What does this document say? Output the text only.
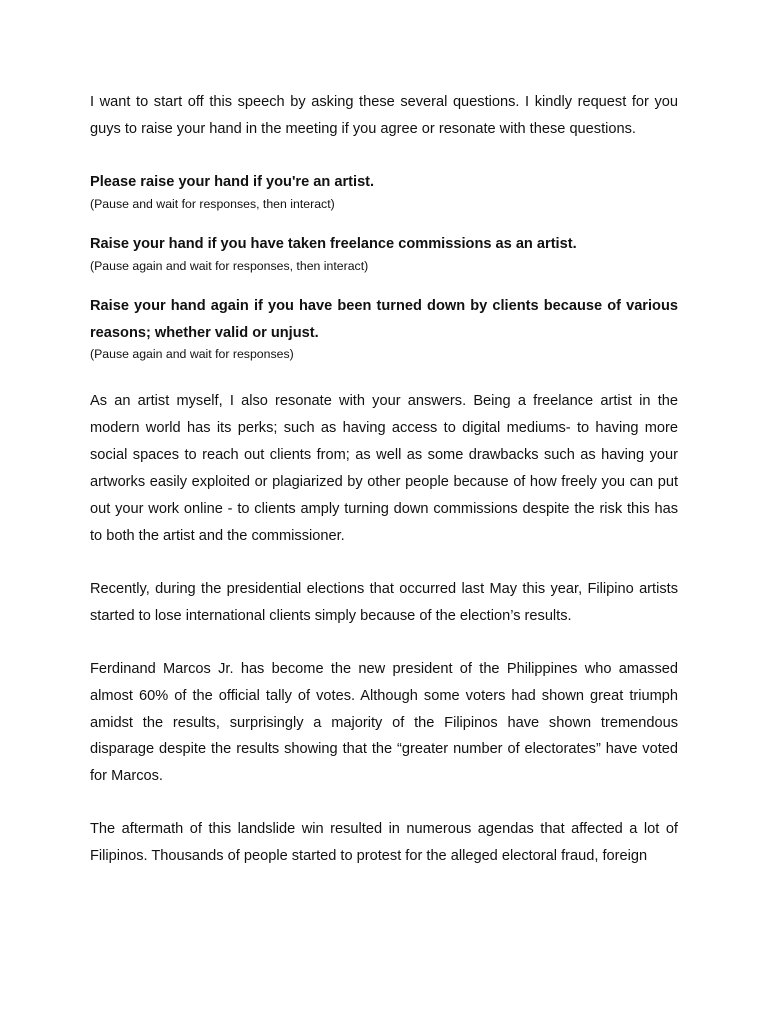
I want to start off this speech by asking these several questions. I kindly request for you guys to raise your hand in the meeting if you agree or resonate with these questions.

Please raise your hand if you're an artist.

(Pause and wait for responses, then interact)

Raise your hand if you have taken freelance commissions as an artist.

(Pause again and wait for responses, then interact)

Raise your hand again if you have been turned down by clients because of various reasons; whether valid or unjust.

(Pause again and wait for responses)

As an artist myself, I also resonate with your answers. Being a freelance artist in the modern world has its perks; such as having access to digital mediums- to having more social spaces to reach out clients from; as well as some drawbacks such as having your artworks easily exploited or plagiarized by other people because of how freely you can put out your work online - to clients amply turning down commissions despite the risk this has to both the artist and the commissioner.

Recently, during the presidential elections that occurred last May this year, Filipino artists started to lose international clients simply because of the election’s results.

Ferdinand Marcos Jr. has become the new president of the Philippines who amassed almost 60% of the official tally of votes. Although some voters had shown great triumph amidst the results, surprisingly a majority of the Filipinos have shown tremendous disparage despite the results showing that the “greater number of electorates” have voted for Marcos.

The aftermath of this landslide win resulted in numerous agendas that affected a lot of Filipinos. Thousands of people started to protest for the alleged electoral fraud, foreign
